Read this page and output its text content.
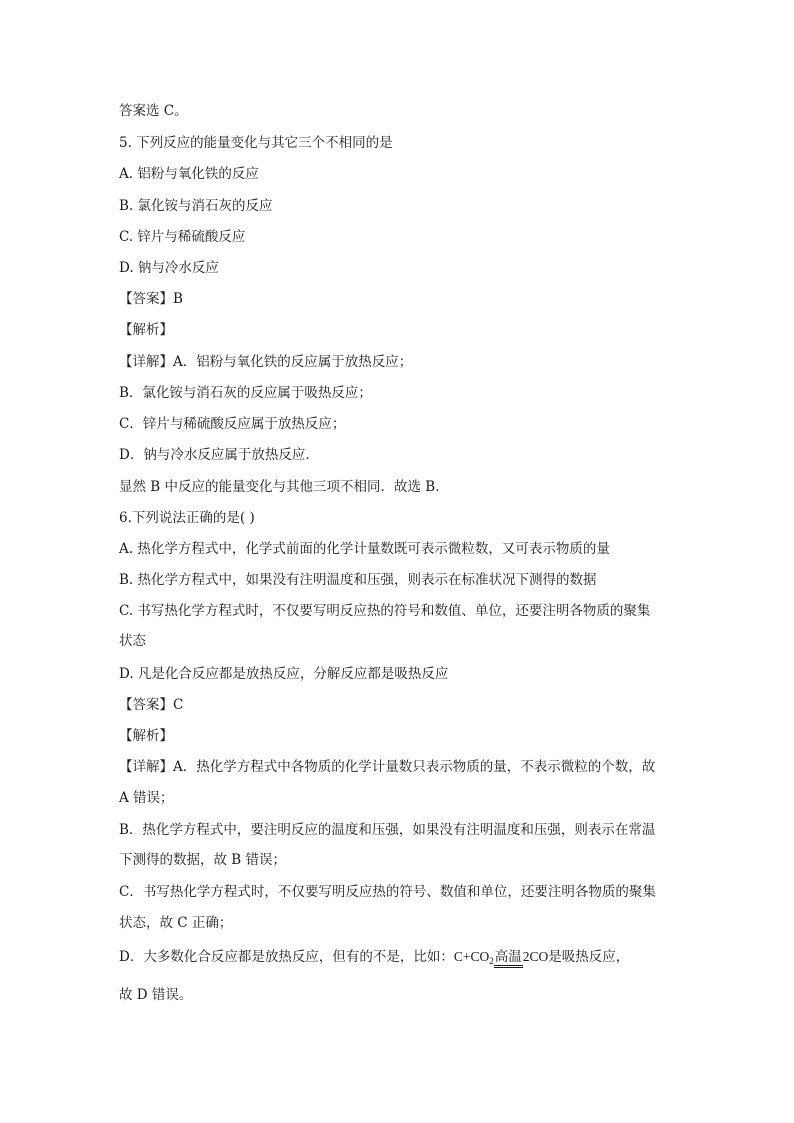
答案选 C。
5. 下列反应的能量变化与其它三个不相同的是
A. 铝粉与氧化铁的反应
B. 氯化铵与消石灰的反应
C. 锌片与稀硫酸反应
D. 钠与冷水反应
【答案】B
【解析】
【详解】A．铝粉与氧化铁的反应属于放热反应；
B．氯化铵与消石灰的反应属于吸热反应；
C．锌片与稀硫酸反应属于放热反应；
D．钠与冷水反应属于放热反应．
显然 B 中反应的能量变化与其他三项不相同．故选 B．
6.下列说法正确的是( )
A. 热化学方程式中，化学式前面的化学计量数既可表示微粒数，又可表示物质的量
B. 热化学方程式中，如果没有注明温度和压强，则表示在标准状况下测得的数据
C. 书写热化学方程式时，不仅要写明反应热的符号和数值、单位，还要注明各物质的聚集
状态
D. 凡是化合反应都是放热反应，分解反应都是吸热反应
【答案】C
【解析】
【详解】A．热化学方程式中各物质的化学计量数只表示物质的量，不表示微粒的个数，故
A 错误；
B．热化学方程式中，要注明反应的温度和压强，如果没有注明温度和压强，则表示在常温
下测得的数据，故 B 错误；
C．书写热化学方程式时，不仅要写明反应热的符号、数值和单位，还要注明各物质的聚集
状态，故 C 正确；
D．大多数化合反应都是放热反应，但有的不是，比如：$C+CO_2$高温2CO是吸热反应，
故 D 错误。
